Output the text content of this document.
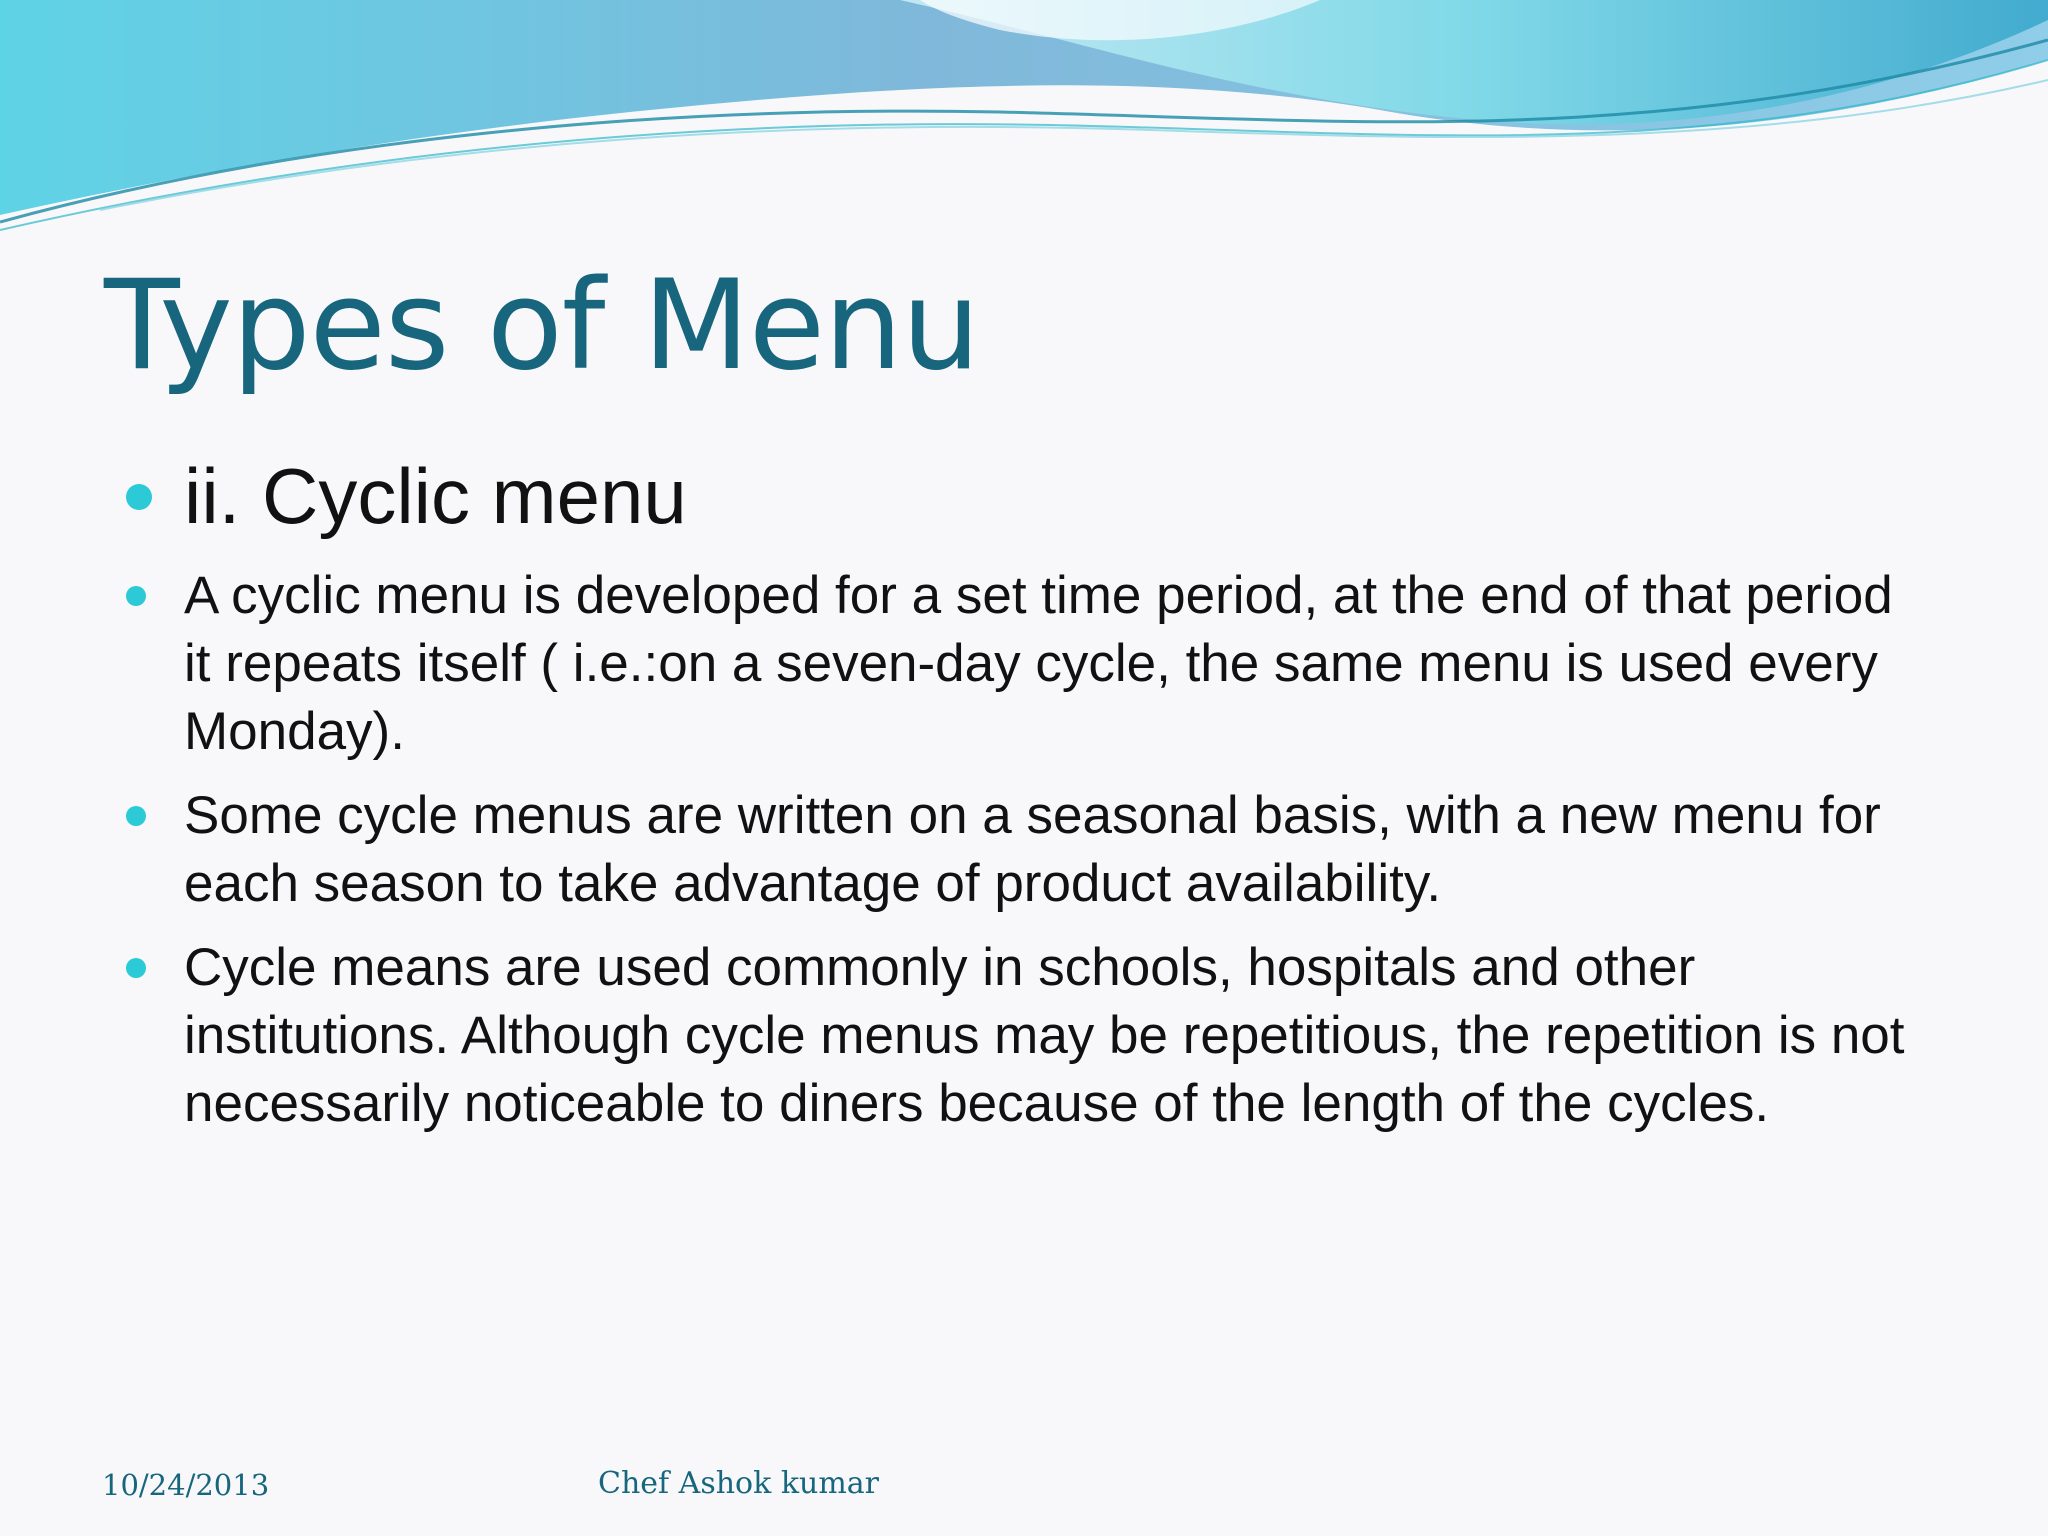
Types of Menu
ii. Cyclic menu
A cyclic menu is developed for a set time period, at the end of that period it repeats itself ( i.e.:on a seven-day cycle, the same menu is used every Monday).
Some cycle menus are written on a seasonal basis, with a new menu for each season to take advantage of product availability.
Cycle means are used commonly in schools, hospitals and other institutions. Although cycle menus may be repetitious, the repetition is not necessarily noticeable to diners because of the length of the cycles.
10/24/2013	Chef Ashok kumar
